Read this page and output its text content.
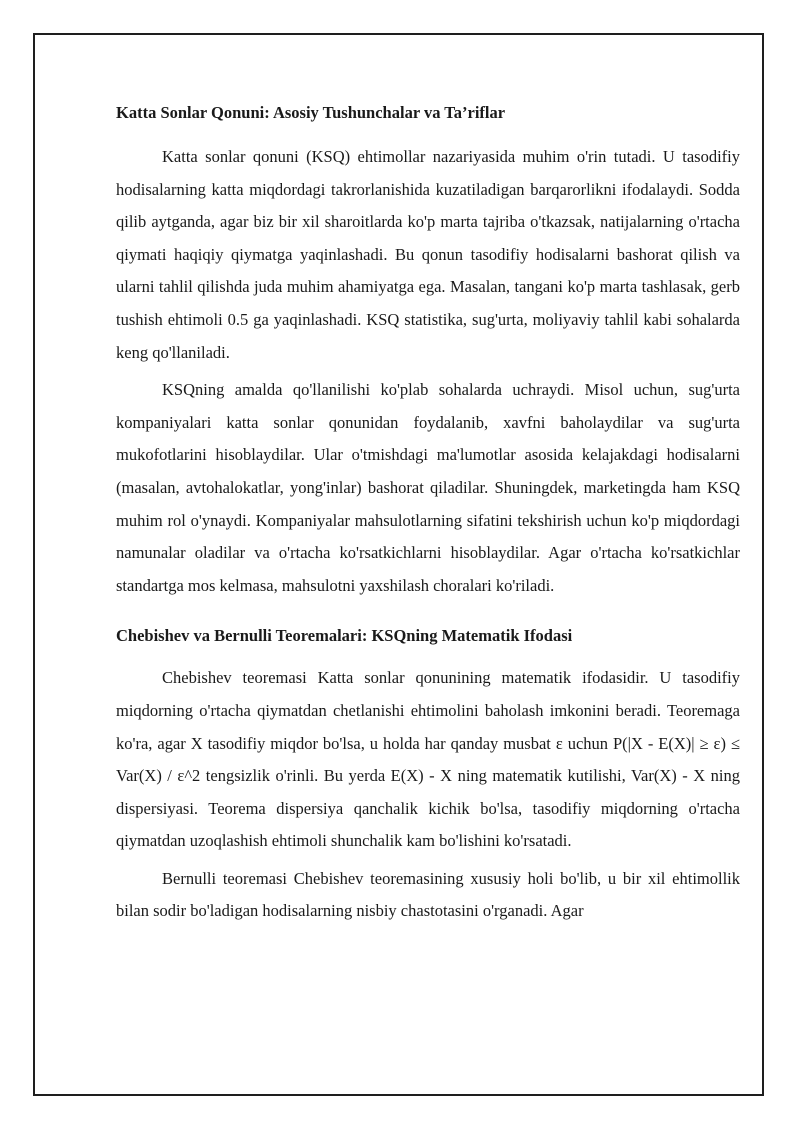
Katta Sonlar Qonuni: Asosiy Tushunchalar va Ta’riflar

Katta sonlar qonuni (KSQ) ehtimollar nazariyasida muhim o'rin tutadi. U tasodifiy hodisalarning katta miqdordagi takrorlanishida kuzatiladigan barqarorlikni ifodalaydi. Sodda qilib aytganda, agar biz bir xil sharoitlarda ko'p marta tajriba o'tkazsak, natijalarning o'rtacha qiymati haqiqiy qiymatga yaqinlashadi. Bu qonun tasodifiy hodisalarni bashorat qilish va ularni tahlil qilishda juda muhim ahamiyatga ega. Masalan, tangani ko'p marta tashlasak, gerb tushish ehtimoli 0.5 ga yaqinlashadi. KSQ statistika, sug'urta, moliyaviy tahlil kabi sohalarda keng qo'llaniladi.

KSQning amalda qo'llanilishi ko'plab sohalarda uchraydi. Misol uchun, sug'urta kompaniyalari katta sonlar qonunidan foydalanib, xavfni baholaydilar va sug'urta mukofotlarini hisoblaydilar. Ular o'tmishdagi ma'lumotlar asosida kelajakdagi hodisalarni (masalan, avtohalokatlar, yong'inlar) bashorat qiladilar. Shuningdek, marketingda ham KSQ muhim rol o'ynaydi. Kompaniyalar mahsulotlarning sifatini tekshirish uchun ko'p miqdordagi namunalar oladilar va o'rtacha ko'rsatkichlarni hisoblaydilar. Agar o'rtacha ko'rsatkichlar standartga mos kelmasa, mahsulotni yaxshilash choralari ko'riladi.

Chebishev va Bernulli Teoremalari: KSQning Matematik Ifodasi

Chebishev teoremasi Katta sonlar qonunining matematik ifodasidir. U tasodifiy miqdorning o'rtacha qiymatdan chetlanishi ehtimolini baholash imkonini beradi. Teoremaga ko'ra, agar X tasodifiy miqdor bo'lsa, u holda har qanday musbat ε uchun P(|X - E(X)| ≥ ε) ≤ Var(X) / ε^2 tengsizlik o'rinli. Bu yerda E(X) - X ning matematik kutilishi, Var(X) - X ning dispersiyasi. Teorema dispersiya qanchalik kichik bo'lsa, tasodifiy miqdorning o'rtacha qiymatdan uzoqlashish ehtimoli shunchalik kam bo'lishini ko'rsatadi.

Bernulli teoremasi Chebishev teoremasining xususiy holi bo'lib, u bir xil ehtimollik bilan sodir bo'ladigan hodisalarning nisbiy chastotasini o'rganadi. Agar
